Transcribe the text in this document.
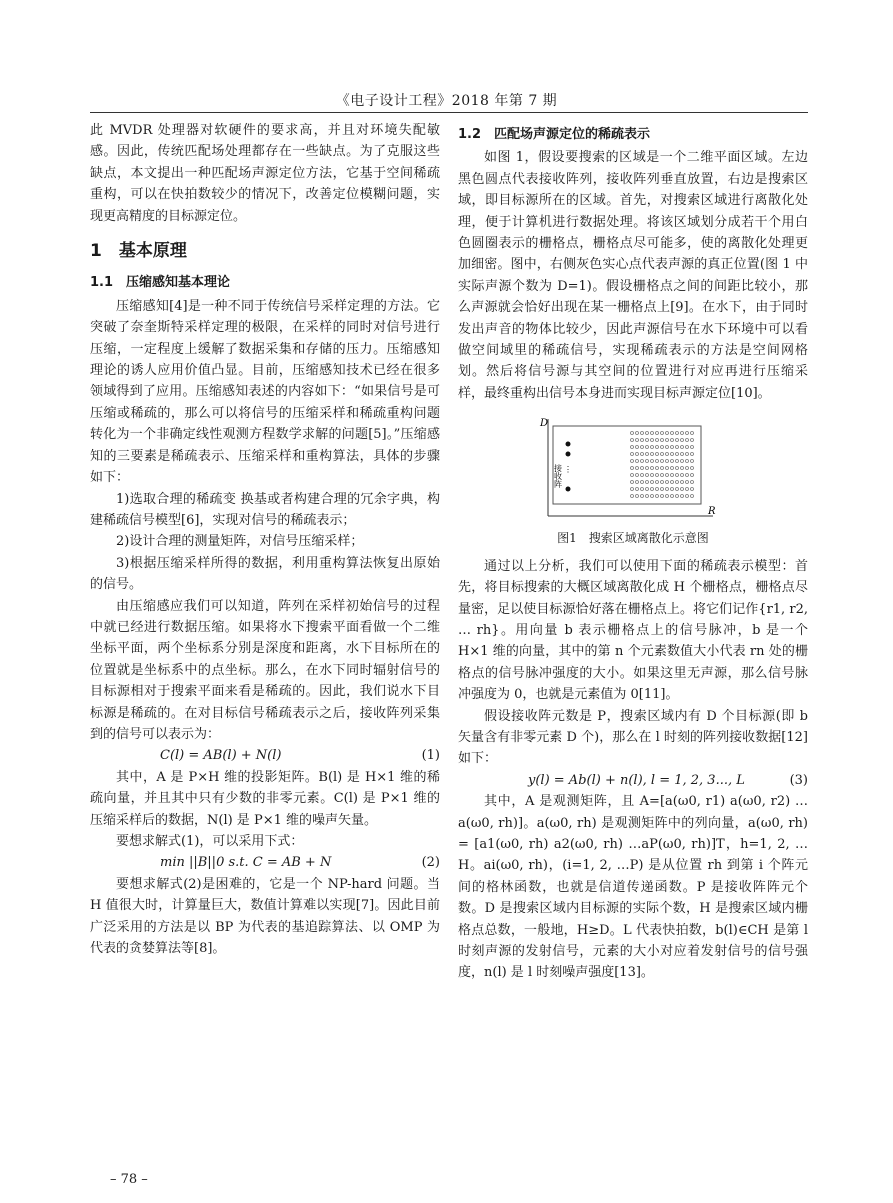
《电子设计工程》2018 年第 7 期

此 MVDR 处理器对软硬件的要求高，并且对环境失配敏感。因此，传统匹配场处理都存在一些缺点。为了克服这些缺点，本文提出一种匹配场声源定位方法，它基于空间稀疏重构，可以在快拍数较少的情况下，改善定位模糊问题，实现更高精度的目标源定位。

1　基本原理
1.1　压缩感知基本理论

压缩感知[4]是一种不同于传统信号采样定理的方法。它突破了奈奎斯特采样定理的极限，在采样的同时对信号进行压缩，一定程度上缓解了数据采集和存储的压力。压缩感知理论的诱人应用价值凸显。目前，压缩感知技术已经在很多领域得到了应用。压缩感知表述的内容如下：“如果信号是可压缩或稀疏的，那么可以将信号的压缩采样和稀疏重构问题转化为一个非确定线性观测方程数学求解的问题[5]。”压缩感知的三要素是稀疏表示、压缩采样和重构算法，具体的步骤如下：

1)选取合理的稀疏变 换基或者构建合理的冗余字典，构建稀疏信号模型[6]，实现对信号的稀疏表示；

2)设计合理的测量矩阵，对信号压缩采样；

3)根据压缩采样所得的数据，利用重构算法恢复出原始的信号。

由压缩感应我们可以知道，阵列在采样初始信号的过程中就已经进行数据压缩。如果将水下搜索平面看做一个二维坐标平面，两个坐标系分别是深度和距离，水下目标所在的位置就是坐标系中的点坐标。那么，在水下同时辐射信号的目标源相对于搜索平面来看是稀疏的。因此，我们说水下目标源是稀疏的。在对目标信号稀疏表示之后，接收阵列采集到的信号可以表示为：

C(l) = AB(l) + N(l)	(1)

其中，A 是 P×H 维的投影矩阵。B(l) 是 H×1 维的稀疏向量，并且其中只有少数的非零元素。C(l) 是 P×1 维的压缩采样后的数据，N(l) 是 P×1 维的噪声矢量。

要想求解式(1)，可以采用下式：

min ||B||0 s.t. C = AB + N	(2)

要想求解式(2)是困难的，它是一个 NP-hard 问题。当 H 值很大时，计算量巨大，数值计算难以实现[7]。因此目前广泛采用的方法是以 BP 为代表的基追踪算法、以 OMP 为代表的贪婪算法等[8]。

1.2　匹配场声源定位的稀疏表示

如图 1，假设要搜索的区域是一个二维平面区域。左边黑色圆点代表接收阵列，接收阵列垂直放置，右边是搜索区域，即目标源所在的区域。首先，对搜索区域进行离散化处理，便于计算机进行数据处理。将该区域划分成若干个用白色圆圈表示的栅格点，栅格点尽可能多，使的离散化处理更加细密。图中，右侧灰色实心点代表声源的真正位置(图 1 中实际声源个数为 D=1)。假设栅格点之间的间距比较小，那么声源就会恰好出现在某一栅格点上[9]。在水下，由于同时发出声音的物体比较少，因此声源信号在水下环境中可以看做空间域里的稀疏信号，实现稀疏表示的方法是空间网格划。然后将信号源与其空间的位置进行对应再进行压缩采样，最终重构出信号本身进而实现目标声源定位[10]。

D
R
⋮
接收阵
图1　搜索区域离散化示意图

通过以上分析，我们可以使用下面的稀疏表示模型：首先，将目标搜索的大概区域离散化成 H 个栅格点，栅格点尽量密，足以使目标源恰好落在栅格点上。将它们记作{r1, r2, … rh}。用向量 b 表示栅格点上的信号脉冲，b 是一个 H×1 维的向量，其中的第 n 个元素数值大小代表 rn 处的栅格点的信号脉冲强度的大小。如果这里无声源，那么信号脉冲强度为 0，也就是元素值为 0[11]。

假设接收阵元数是 P，搜索区域内有 D 个目标源(即 b 矢量含有非零元素 D 个)，那么在 l 时刻的阵列接收数据[12]如下：

y(l) = Ab(l) + n(l), l = 1, 2, 3..., L	(3)

其中，A 是观测矩阵，且 A=[a(ω0, r1) a(ω0, r2) … a(ω0, rh)]。a(ω0, rh) 是观测矩阵中的列向量，a(ω0, rh) = [a1(ω0, rh) a2(ω0, rh) …aP(ω0, rh)]T，h=1, 2, …H。ai(ω0, rh)，(i=1, 2, …P) 是从位置 rh 到第 i 个阵元间的格林函数，也就是信道传递函数。P 是接收阵阵元个数。D 是搜索区域内目标源的实际个数，H 是搜索区域内栅格点总数，一般地，H≥D。L 代表快拍数，b(l)∈CH 是第 l 时刻声源的发射信号，元素的大小对应着发射信号的信号强度，n(l) 是 l 时刻噪声强度[13]。

– 78 –
